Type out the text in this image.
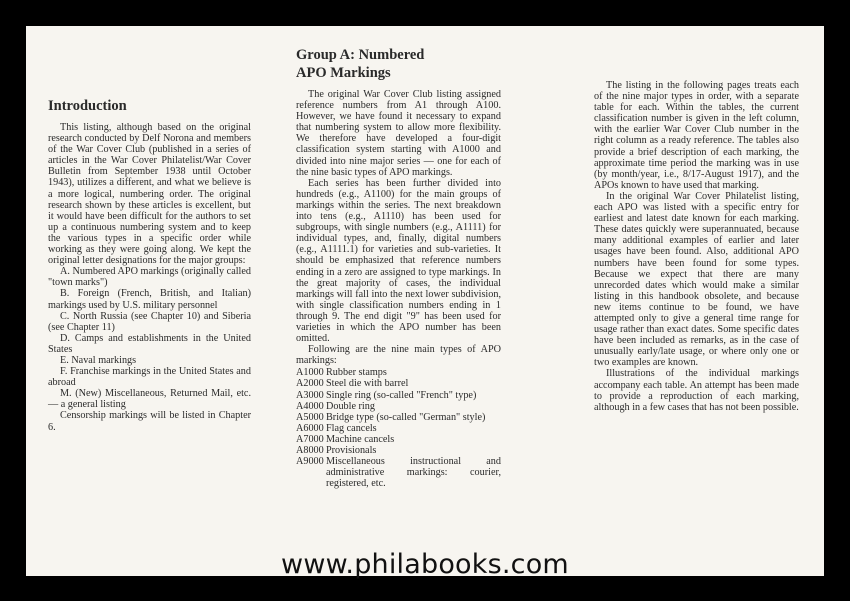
Introduction

This listing, although based on the original research conducted by Delf Norona and members of the War Cover Club (published in a series of articles in the War Cover Philatelist/War Cover Bulletin from September 1938 until October 1943), utilizes a different, and what we believe is a more logical, numbering order. The original research shown by these articles is excellent, but it would have been difficult for the authors to set up a continuous numbering system and to keep the various types in a specific order while working as they were going along. We kept the original letter designations for the major groups:

A. Numbered APO markings (originally called "town marks")

B. Foreign (French, British, and Italian) markings used by U.S. military personnel

C. North Russia (see Chapter 10) and Siberia (see Chapter 11)

D. Camps and establishments in the United States

E. Naval markings

F. Franchise markings in the United States and abroad

M. (New) Miscellaneous, Returned Mail, etc. — a general listing

Censorship markings will be listed in Chapter 6.

Group A: Numbered
APO Markings

The original War Cover Club listing assigned reference numbers from A1 through A100. However, we have found it necessary to expand that numbering system to allow more flexibility. We therefore have developed a four-digit classification system starting with A1000 and divided into nine major series — one for each of the nine basic types of APO markings.

Each series has been further divided into hundreds (e.g., A1100) for the main groups of markings within the series. The next breakdown into tens (e.g., A1110) has been used for subgroups, with single numbers (e.g., A1111) for individual types, and, finally, digital numbers (e.g., A1111.1) for varieties and sub-varieties. It should be emphasized that reference numbers ending in a zero are assigned to type markings. In the great majority of cases, the individual markings will fall into the next lower subdivision, with single classification numbers ending in 1 through 9. The end digit "9" has been used for varieties in which the APO number has been omitted.

Following are the nine main types of APO markings:

A1000 Rubber stamps
A2000 Steel die with barrel
A3000 Single ring (so-called "French" type)
A4000 Double ring
A5000 Bridge type (so-called "German" style)
A6000 Flag cancels
A7000 Machine cancels
A8000 Provisionals
A9000 Miscellaneous instructional and administrative markings: courier, registered, etc.

The listing in the following pages treats each of the nine major types in order, with a separate table for each. Within the tables, the current classification number is given in the left column, with the earlier War Cover Club number in the right column as a ready reference. The tables also provide a brief description of each marking, the approximate time period the marking was in use (by month/year, i.e., 8/17-August 1917), and the APOs known to have used that marking.

In the original War Cover Philatelist listing, each APO was listed with a specific entry for earliest and latest date known for each marking. These dates quickly were superannuated, because many additional examples of earlier and later usages have been found. Also, additional APO numbers have been found for some types. Because we expect that there are many unrecorded dates which would make a similar listing in this handbook obsolete, and because new items continue to be found, we have attempted only to give a general time range for usage rather than exact dates. Some specific dates have been included as remarks, as in the case of unusually early/late usage, or where only one or two examples are known.

Illustrations of the individual markings accompany each table. An attempt has been made to provide a reproduction of each marking, although in a few cases that has not been possible.

www.philabooks.com
